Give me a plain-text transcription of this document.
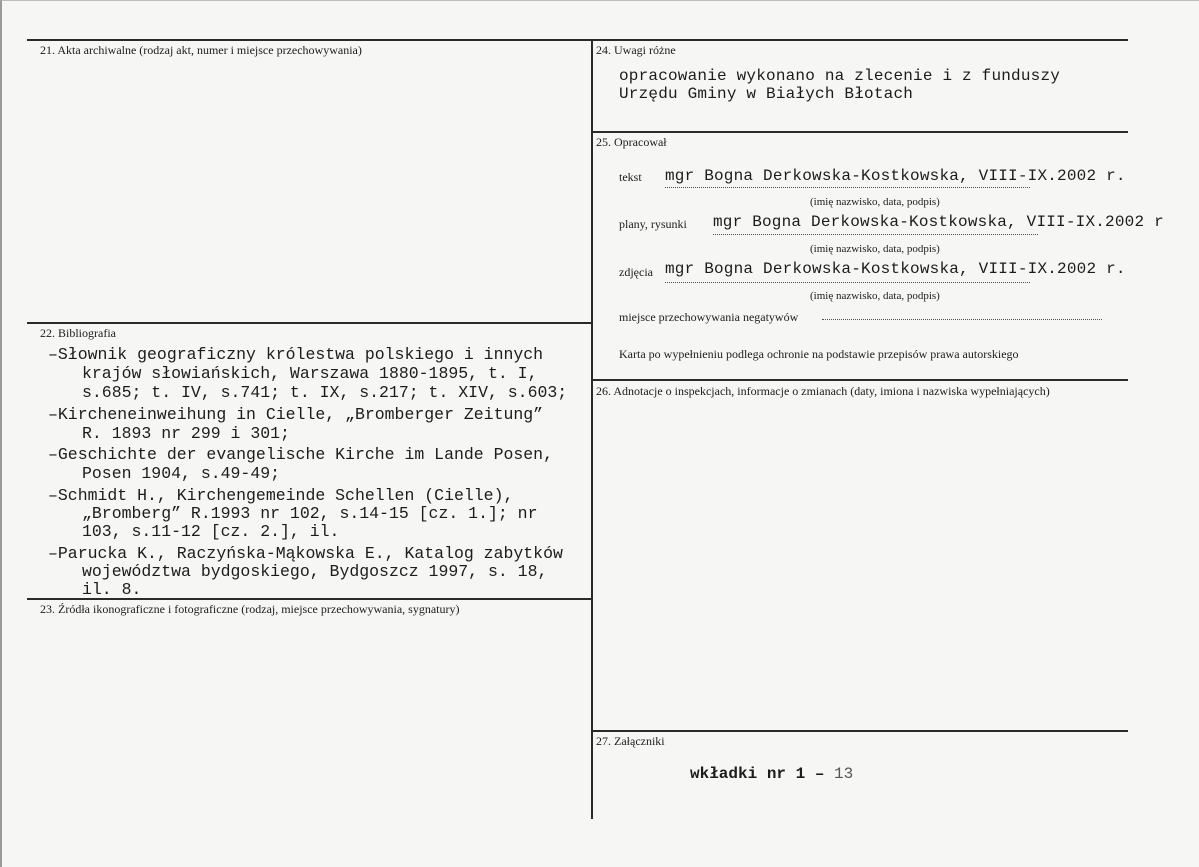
21. Akta archiwalne (rodzaj akt, numer i miejsce przechowywania)
22. Bibliografia
–Słownik geograficzny królestwa polskiego i innych
krajów słowiańskich, Warszawa 1880-1895, t. I,
s.685; t. IV, s.741; t. IX, s.217; t. XIV, s.603;
–Kircheneinweihung in Cielle, „Bromberger Zeitung”
R. 1893 nr 299 i 301;
–Geschichte der evangelische Kirche im Lande Posen,
Posen 1904, s.49-49;
–Schmidt H., Kirchengemeinde Schellen (Cielle),
„Bromberg” R.1993 nr 102, s.14-15 [cz. 1.]; nr
103, s.11-12 [cz. 2.], il.
–Parucka K., Raczyńska-Mąkowska E., Katalog zabytków
województwa bydgoskiego, Bydgoszcz 1997, s. 18,
il. 8.
23. Źródła ikonograficzne i fotograficzne (rodzaj, miejsce przechowywania, sygnatury)
24. Uwagi różne
opracowanie wykonano na zlecenie i z funduszy
Urzędu Gminy w Białych Błotach
25. Opracował
tekst mgr Bogna Derkowska-Kostkowska, VIII-IX.2002 r.
(imię nazwisko, data, podpis)
plany, rysunki mgr Bogna Derkowska-Kostkowska, VIII-IX.2002 r
(imię nazwisko, data, podpis)
zdjęcia mgr Bogna Derkowska-Kostkowska, VIII-IX.2002 r.
(imię nazwisko, data, podpis)
miejsce przechowywania negatywów
Karta po wypełnieniu podlega ochronie na podstawie przepisów prawa autorskiego
26. Adnotacje o inspekcjach, informacje o zmianach (daty, imiona i nazwiska wypełniających)
27. Załączniki
wkładki nr 1 – 13
